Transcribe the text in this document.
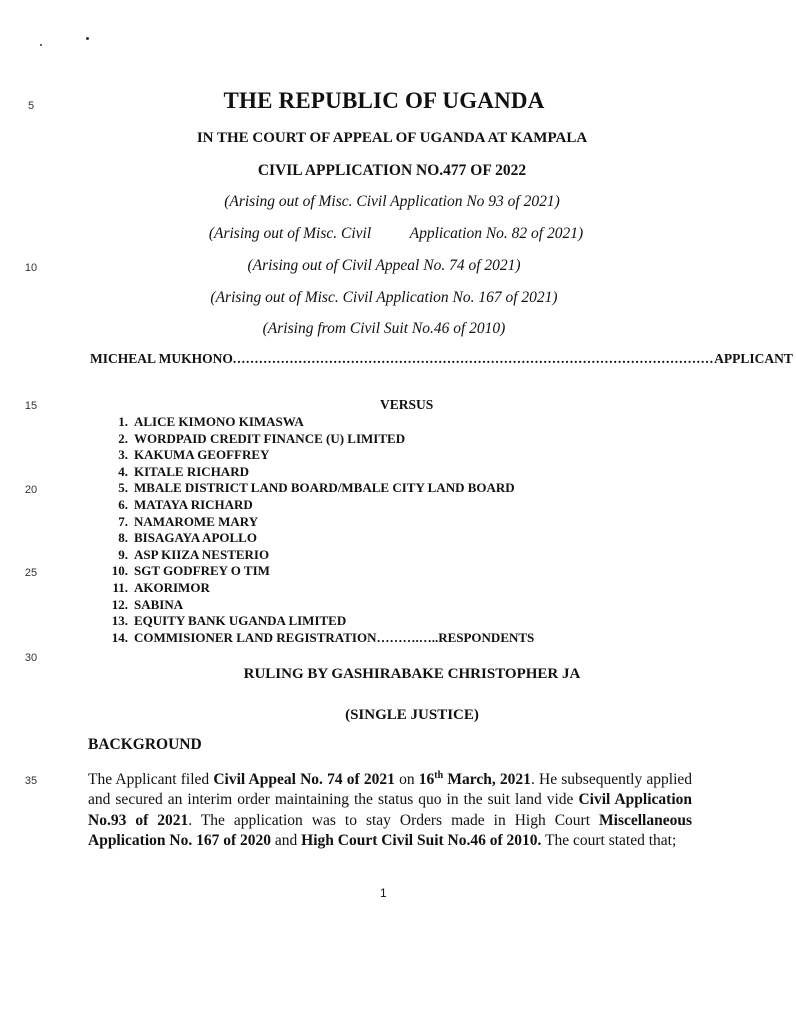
5
10
15
20
25
30
35
THE REPUBLIC OF UGANDA
IN THE COURT OF APPEAL OF UGANDA AT KAMPALA
CIVIL APPLICATION NO.477 OF 2022
(Arising out of Misc. Civil Application No 93 of 2021)
(Arising out of Misc. Civil          Application No. 82 of 2021)
(Arising out of Civil Appeal No. 74 of 2021)
(Arising out of Misc. Civil Application No. 167 of 2021)
(Arising from Civil Suit No.46 of 2010)
MICHEAL MUKHONO .............................................................................................................. APPLICANT
VERSUS
1. ALICE KIMONO KIMASWA
2. WORDPAID CREDIT FINANCE (U) LIMITED
3. KAKUMA GEOFFREY
4. KITALE RICHARD
5. MBALE DISTRICT LAND BOARD/MBALE CITY LAND BOARD
6. MATAYA RICHARD
7. NAMAROME MARY
8. BISAGAYA APOLLO
9. ASP KIIZA NESTERIO
10. SGT GODFREY O TIM
11. AKORIMOR
12. SABINA
13. EQUITY BANK UGANDA LIMITED
14. COMMISIONER LAND REGISTRATION……….…..RESPONDENTS
RULING BY GASHIRABAKE CHRISTOPHER JA
(SINGLE JUSTICE)
BACKGROUND

The Applicant filed Civil Appeal No. 74 of 2021 on 16th March, 2021. He subsequently applied and secured an interim order maintaining the status quo in the suit land vide Civil Application No.93 of 2021. The application was to stay Orders made in High Court Miscellaneous Application No. 167 of 2020 and High Court Civil Suit No.46 of 2010. The court stated that;

1
